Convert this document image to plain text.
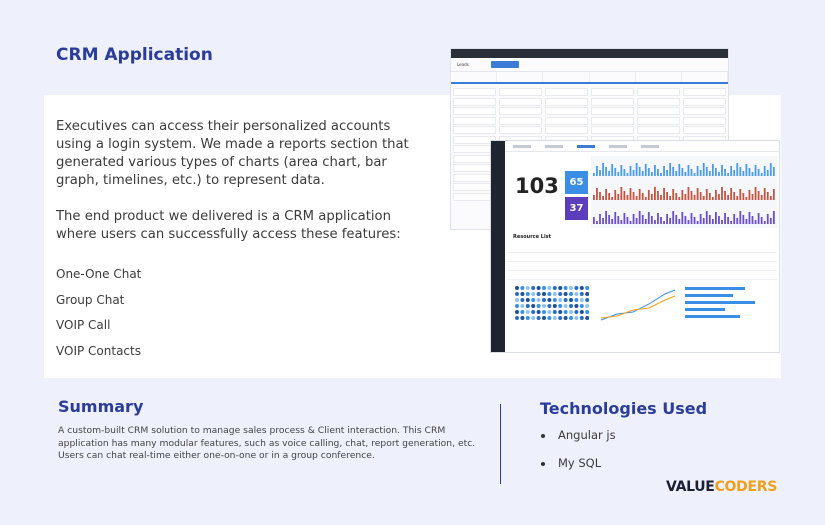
CRM Application

Executives can access their personalized accounts using a login system. We made a reports section that generated various types of charts (area chart, bar graph, timelines, etc.) to represent data.

The end product we delivered is a CRM application where users can successfully access these features:

One-One Chat
Group Chat
VOIP Call
VOIP Contacts
Leads
103	65
37
Resource List
Summary
A custom-built CRM solution to manage sales process & Client interaction. This CRM application has many modular features, such as voice calling, chat, report generation, etc. Users can chat real-time either one-on-one or in a group conference.
Technologies Used
Angular js
My SQL
VALUECODERS
